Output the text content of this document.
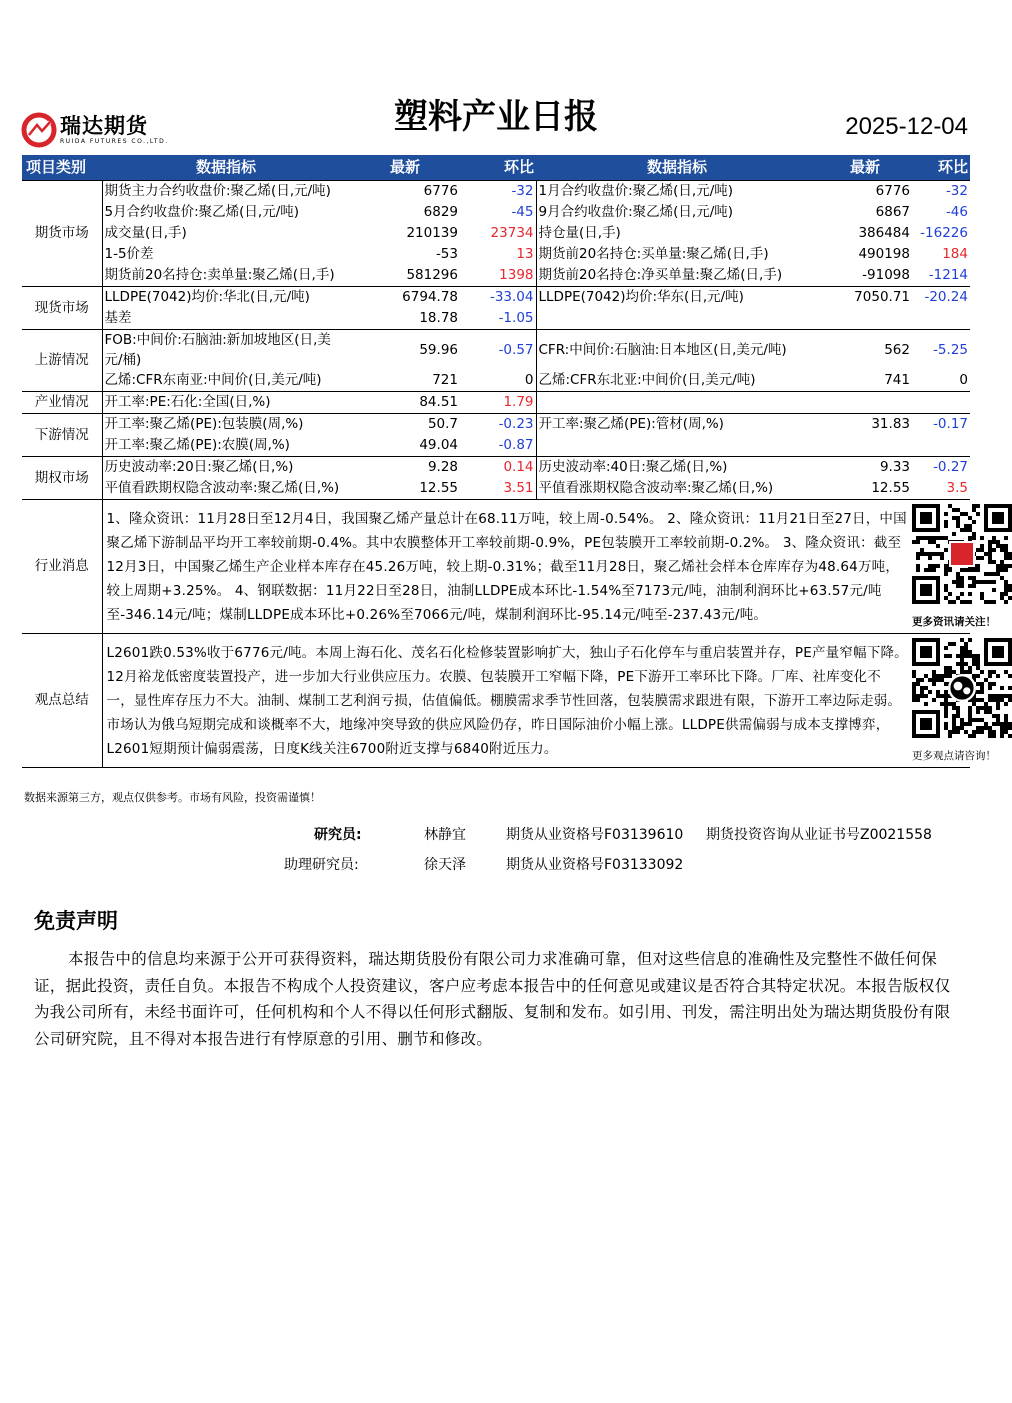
瑞达期货
RUIDA FUTURES CO.,LTD.
塑料产业日报	2025-12-04
项目类别	数据指标	最新	环比	数据指标	最新	环比
期货市场	期货主力合约收盘价:聚乙烯(日,元/吨)	6776	-32	1月合约收盘价:聚乙烯(日,元/吨)	6776	-32
	5月合约收盘价:聚乙烯(日,元/吨)	6829	-45	9月合约收盘价:聚乙烯(日,元/吨)	6867	-46
	成交量(日,手)	210139	23734	持仓量(日,手)	386484	-16226
	1-5价差	-53	13	期货前20名持仓:买单量:聚乙烯(日,手)	490198	184
	期货前20名持仓:卖单量:聚乙烯(日,手)	581296	1398	期货前20名持仓:净买单量:聚乙烯(日,手)	-91098	-1214
现货市场	LLDPE(7042)均价:华北(日,元/吨)	6794.78	-33.04	LLDPE(7042)均价:华东(日,元/吨)	7050.71	-20.24
	基差	18.78	-1.05			
上游情况	FOB:中间价:石脑油:新加坡地区(日,美元/桶)	59.96	-0.57	CFR:中间价:石脑油:日本地区(日,美元/吨)	562	-5.25
	乙烯:CFR东南亚:中间价(日,美元/吨)	721	0	乙烯:CFR东北亚:中间价(日,美元/吨)	741	0
产业情况	开工率:PE:石化:全国(日,%)	84.51	1.79			
下游情况	开工率:聚乙烯(PE):包装膜(周,%)	50.7	-0.23	开工率:聚乙烯(PE):管材(周,%)	31.83	-0.17
	开工率:聚乙烯(PE):农膜(周,%)	49.04	-0.87			
期权市场	历史波动率:20日:聚乙烯(日,%)	9.28	0.14	历史波动率:40日:聚乙烯(日,%)	9.33	-0.27
	平值看跌期权隐含波动率:聚乙烯(日,%)	12.55	3.51	平值看涨期权隐含波动率:聚乙烯(日,%)	12.55	3.5
行业消息	1、隆众资讯：11月28日至12月4日，我国聚乙烯产量总计在68.11万吨，较上周-0.54%。 2、隆众资讯：11月21日至27日，中国聚乙烯下游制品平均开工率较前期-0.4%。其中农膜整体开工率较前期-0.9%，PE包装膜开工率较前期-0.2%。 3、隆众资讯：截至12月3日，中国聚乙烯生产企业样本库存在45.26万吨，较上期-0.31%；截至11月28日，聚乙烯社会样本仓库库存为48.64万吨，较上周期+3.25%。 4、钢联数据：11月22日至28日，油制LLDPE成本环比-1.54%至7173元/吨，油制利润环比+63.57元/吨至-346.14元/吨；煤制LLDPE成本环比+0.26%至7066元/吨，煤制利润环比-95.14元/吨至-237.43元/吨。					更多资讯请关注！

观点总结	L2601跌0.53%收于6776元/吨。本周上海石化、茂名石化检修装置影响扩大，独山子石化停车与重启装置并存，PE产量窄幅下降。12月裕龙低密度装置投产，进一步加大行业供应压力。农膜、包装膜开工窄幅下降，PE下游开工率环比下降。厂库、社库变化不一，显性库存压力不大。油制、煤制工艺利润亏损，估值偏低。棚膜需求季节性回落，包装膜需求跟进有限，下游开工率边际走弱。市场认为俄乌短期完成和谈概率不大，地缘冲突导致的供应风险仍存，昨日国际油价小幅上涨。LLDPE供需偏弱与成本支撑博弈，L2601短期预计偏弱震荡，日度K线关注6700附近支撑与6840附近压力。					更多观点请咨询！
数据来源第三方，观点仅供参考。市场有风险，投资需谨慎！
研究员:	林静宜	期货从业资格号F03139610 期货投资咨询从业证书号Z0021558
助理研究员:	徐天泽	期货从业资格号F03133092
免责声明
本报告中的信息均来源于公开可获得资料，瑞达期货股份有限公司力求准确可靠，但对这些信息的准确性及完整性不做任何保证，据此投资，责任自负。本报告不构成个人投资建议，客户应考虑本报告中的任何意见或建议是否符合其特定状况。本报告版权仅为我公司所有，未经书面许可，任何机构和个人不得以任何形式翻版、复制和发布。如引用、刊发，需注明出处为瑞达期货股份有限公司研究院，且不得对本报告进行有悖原意的引用、删节和修改。
